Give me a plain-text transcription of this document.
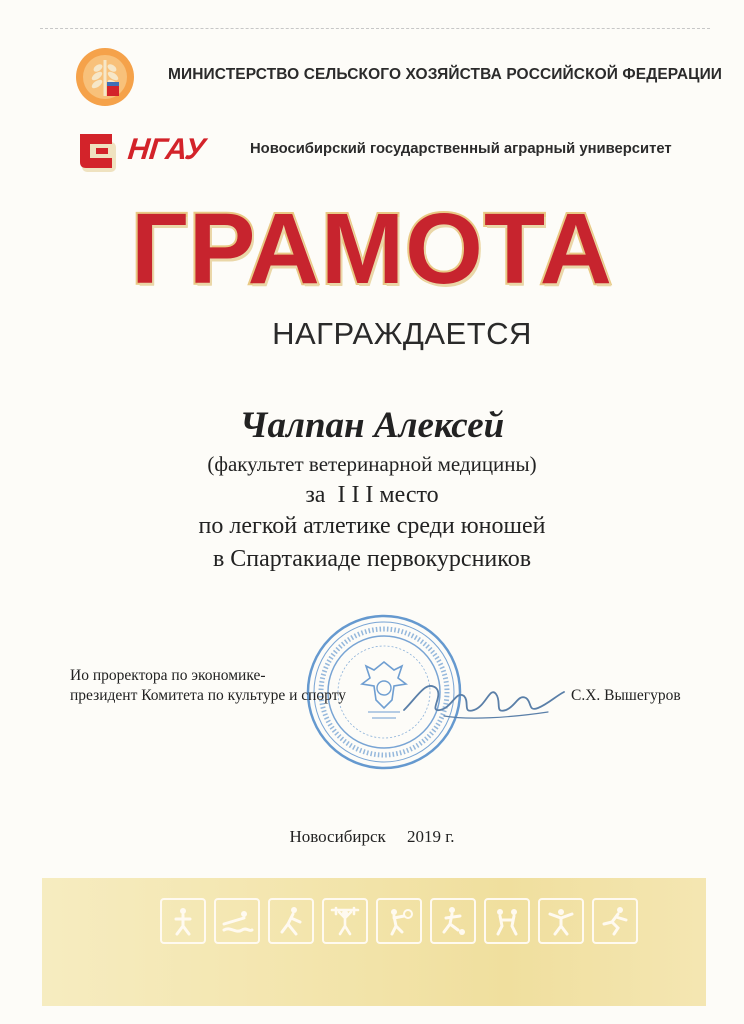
МИНИСТЕРСТВО СЕЛЬСКОГО ХОЗЯЙСТВА РОССИЙСКОЙ ФЕДЕРАЦИИ
НГАУ	Новосибирский государственный аграрный университет
ГРАМОТА
НАГРАЖДАЕТСЯ
Чалпан Алексей
(факультет ветеринарной медицины)
за  I I I место
по легкой атлетике среди юношей
в Спартакиаде первокурсников
Ио проректора по экономике-
президент Комитета по культуре и спорту	С.Х. Вышегуров
Новосибирск     2019 г.
